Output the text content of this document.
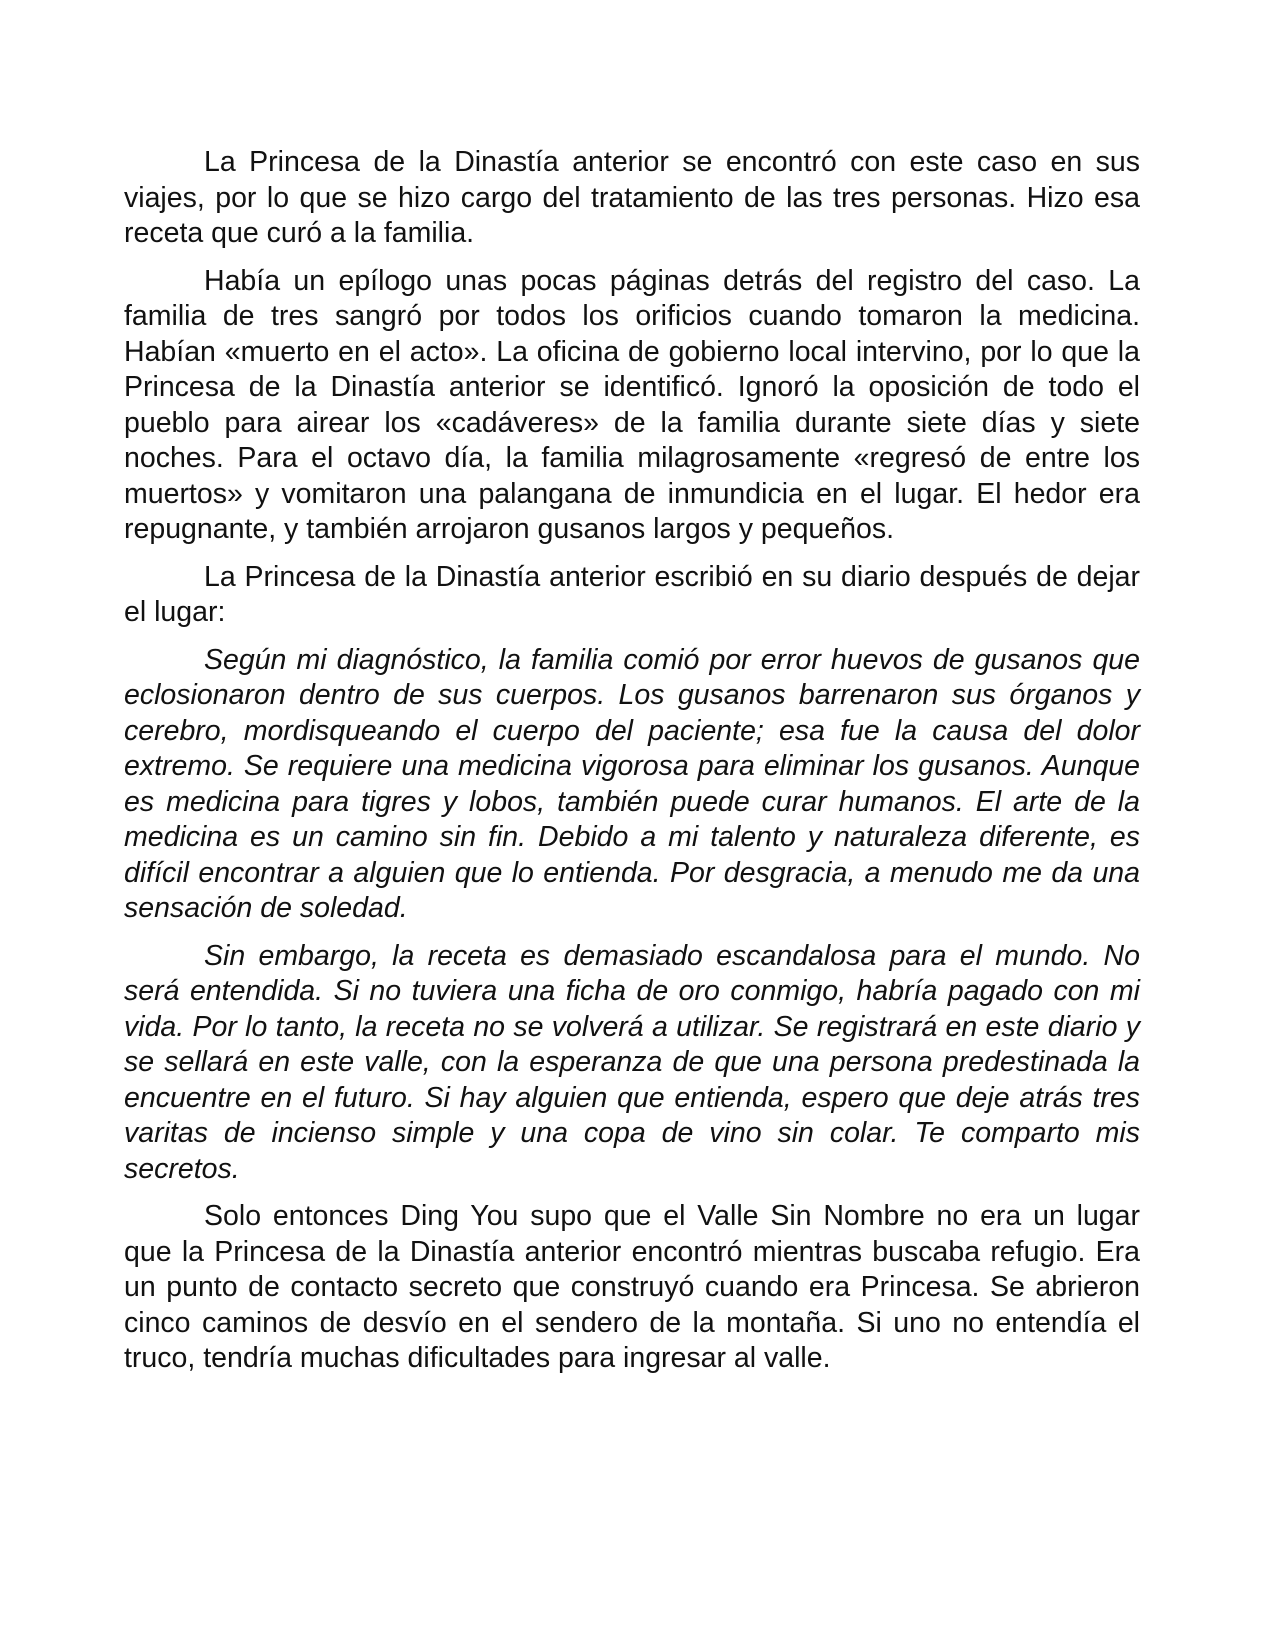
La Princesa de la Dinastía anterior se encontró con este caso en sus viajes, por lo que se hizo cargo del tratamiento de las tres personas. Hizo esa receta que curó a la familia.

Había un epílogo unas pocas páginas detrás del registro del caso. La familia de tres sangró por todos los orificios cuando tomaron la medicina. Habían «muerto en el acto». La oficina de gobierno local intervino, por lo que la Princesa de la Dinastía anterior se identificó. Ignoró la oposición de todo el pueblo para airear los «cadáveres» de la familia durante siete días y siete noches. Para el octavo día, la familia milagrosamente «regresó de entre los muertos» y vomitaron una palangana de inmundicia en el lugar. El hedor era repugnante, y también arrojaron gusanos largos y pequeños.

La Princesa de la Dinastía anterior escribió en su diario después de dejar el lugar:

Según mi diagnóstico, la familia comió por error huevos de gusanos que eclosionaron dentro de sus cuerpos. Los gusanos barrenaron sus órganos y cerebro, mordisqueando el cuerpo del paciente; esa fue la causa del dolor extremo. Se requiere una medicina vigorosa para eliminar los gusanos. Aunque es medicina para tigres y lobos, también puede curar humanos. El arte de la medicina es un camino sin fin. Debido a mi talento y naturaleza diferente, es difícil encontrar a alguien que lo entienda. Por desgracia, a menudo me da una sensación de soledad.

Sin embargo, la receta es demasiado escandalosa para el mundo. No será entendida. Si no tuviera una ficha de oro conmigo, habría pagado con mi vida. Por lo tanto, la receta no se volverá a utilizar. Se registrará en este diario y se sellará en este valle, con la esperanza de que una persona predestinada la encuentre en el futuro. Si hay alguien que entienda, espero que deje atrás tres varitas de incienso simple y una copa de vino sin colar. Te comparto mis secretos.

Solo entonces Ding You supo que el Valle Sin Nombre no era un lugar que la Princesa de la Dinastía anterior encontró mientras buscaba refugio. Era un punto de contacto secreto que construyó cuando era Princesa. Se abrieron cinco caminos de desvío en el sendero de la montaña. Si uno no entendía el truco, tendría muchas dificultades para ingresar al valle.
